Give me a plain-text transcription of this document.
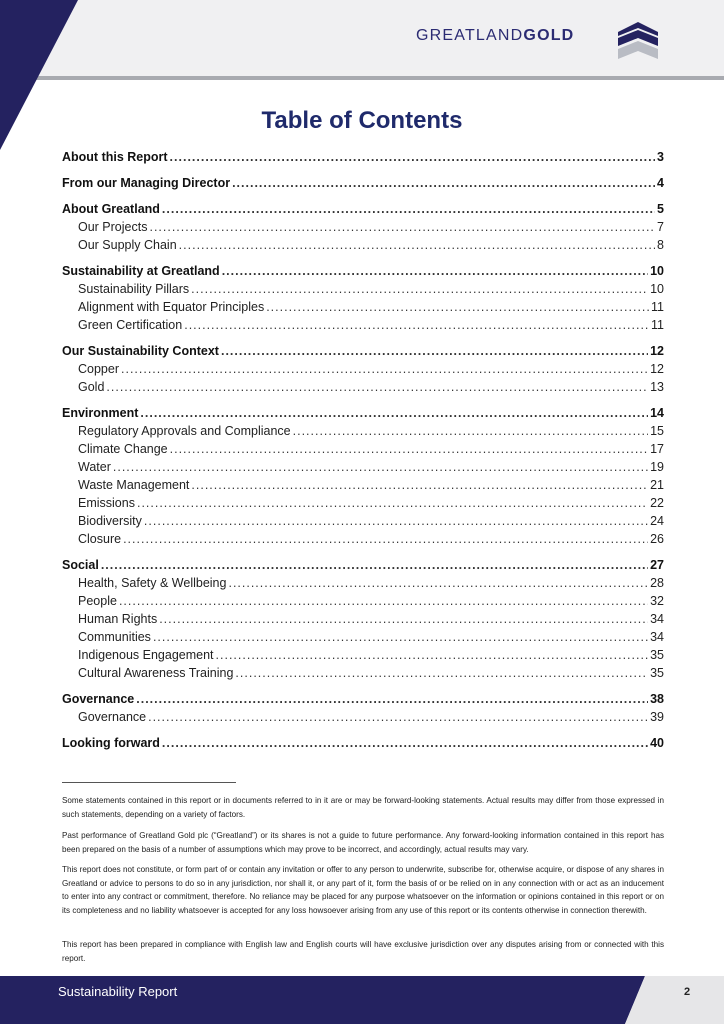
GREATLANDGOLD
Table of Contents
About this Report .....	3
From our Managing Director .....	4
About Greatland .....	5
Our Projects .....	7
Our Supply Chain .....	8
Sustainability at Greatland .....	10
Sustainability Pillars .....	10
Alignment with Equator Principles .....	11
Green Certification .....	11
Our Sustainability Context .....	12
Copper .....	12
Gold .....	13
Environment .....	14
Regulatory Approvals and Compliance .....	15
Climate Change .....	17
Water .....	19
Waste Management .....	21
Emissions .....	22
Biodiversity .....	24
Closure .....	26
Social .....	27
Health, Safety & Wellbeing .....	28
People .....	32
Human Rights .....	34
Communities .....	34
Indigenous Engagement .....	35
Cultural Awareness Training .....	35
Governance .....	38
Governance .....	39
Looking forward .....	40

Some statements contained in this report or in documents referred to in it are or may be forward-looking statements. Actual results may differ from those expressed in such statements, depending on a variety of factors.

Past performance of Greatland Gold plc (“Greatland”) or its shares is not a guide to future performance. Any forward-looking information contained in this report has been prepared on the basis of a number of assumptions which may prove to be incorrect, and accordingly, actual results may vary.

This report does not constitute, or form part of or contain any invitation or offer to any person to underwrite, subscribe for, otherwise acquire, or dispose of any shares in Greatland or advice to persons to do so in any jurisdiction, nor shall it, or any part of it, form the basis of or be relied on in any connection with or act as an inducement to enter into any contract or commitment, therefore. No reliance may be placed for any purpose whatsoever on the information or opinions contained in this report or on its completeness and no liability whatsoever is accepted for any loss howsoever arising from any use of this report or its contents otherwise in connection therewith.

This report has been prepared in compliance with English law and English courts will have exclusive jurisdiction over any disputes arising from or connected with this report.

Sustainability Report	2
